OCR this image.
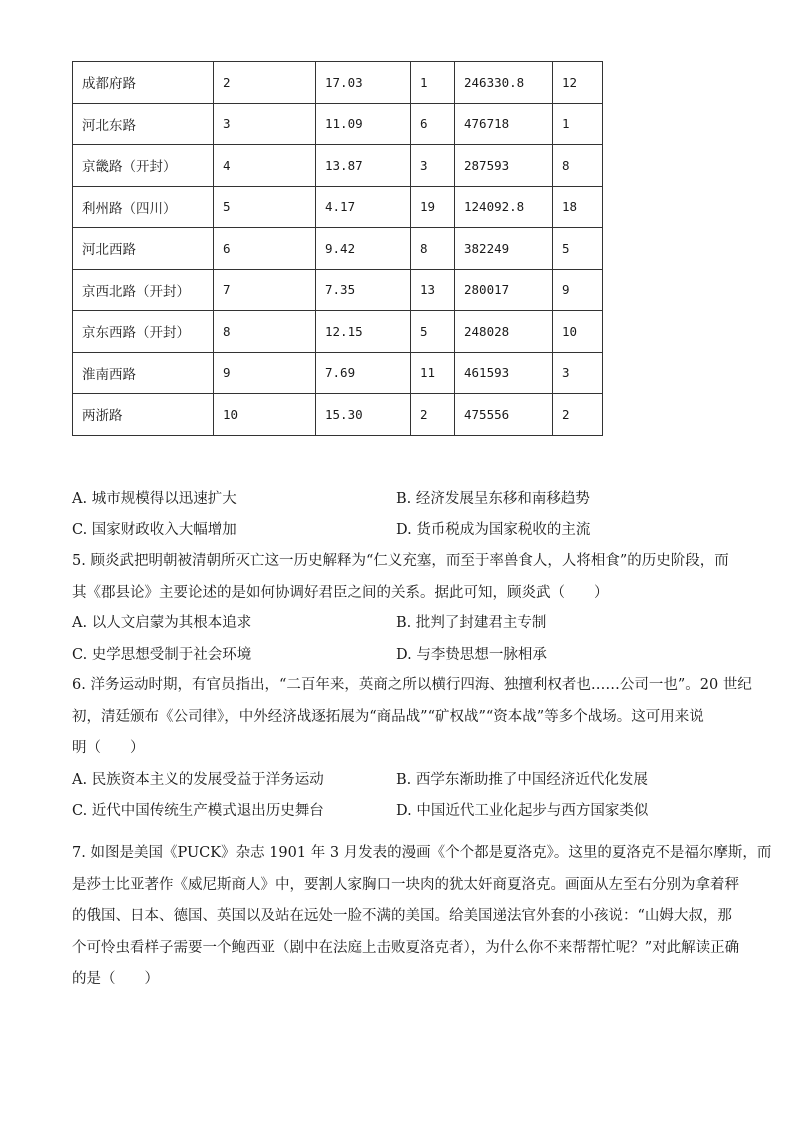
成都府路	2	17.03	1	246330.8	12
河北东路	3	11.09	6	476718	1
京畿路（开封）	4	13.87	3	287593	8
利州路（四川）	5	4.17	19	124092.8	18
河北西路	6	9.42	8	382249	5
京西北路（开封）	7	7.35	13	280017	9
京东西路（开封）	8	12.15	5	248028	10
淮南西路	9	7.69	11	461593	3
两浙路	10	15.30	2	475556	2
A. 城市规模得以迅速扩大	B. 经济发展呈东移和南移趋势
C. 国家财政收入大幅增加	D. 货币税成为国家税收的主流
5. 顾炎武把明朝被清朝所灭亡这一历史解释为“仁义充塞，而至于率兽食人，人将相食”的历史阶段，而
其《郡县论》主要论述的是如何协调好君臣之间的关系。据此可知，顾炎武（　　）
A. 以人文启蒙为其根本追求	B. 批判了封建君主专制
C. 史学思想受制于社会环境	D. 与李贽思想一脉相承
6. 洋务运动时期，有官员指出，“二百年来，英商之所以横行四海、独擅利权者也……公司一也”。20 世纪
初，清廷颁布《公司律》，中外经济战逐拓展为“商品战”“矿权战”“资本战”等多个战场。这可用来说
明（　　）
A. 民族资本主义的发展受益于洋务运动	B. 西学东渐助推了中国经济近代化发展
C. 近代中国传统生产模式退出历史舞台	D. 中国近代工业化起步与西方国家类似
7. 如图是美国《PUCK》杂志 1901 年 3 月发表的漫画《个个都是夏洛克》。这里的夏洛克不是福尔摩斯，而
是莎士比亚著作《威尼斯商人》中，要割人家胸口一块肉的犹太奸商夏洛克。画面从左至右分别为拿着秤
的俄国、日本、德国、英国以及站在远处一脸不满的美国。给美国递法官外套的小孩说：“山姆大叔，那
个可怜虫看样子需要一个鲍西亚（剧中在法庭上击败夏洛克者），为什么你不来帮帮忙呢？”对此解读正确
的是（　　）
